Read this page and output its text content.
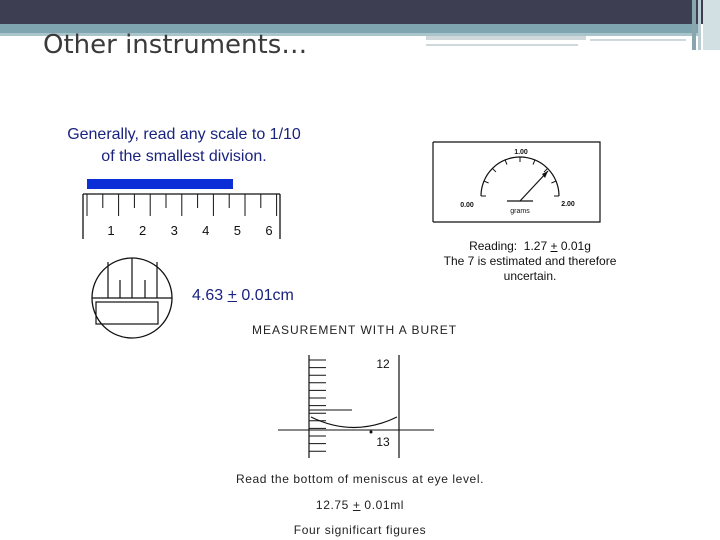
Other instruments…
Generally, read any scale to 1/10
of the smallest division.
1 2 3 4 5 6
4.63 + 0.01cm
1.00
0.00	2.00
grams
Reading:  1.27 + 0.01g
The 7 is estimated and therefore
uncertain.
MEASUREMENT WITH A BURET
12
13
Read the bottom of meniscus at eye level.
12.75 + 0.01ml
Four significart figures
